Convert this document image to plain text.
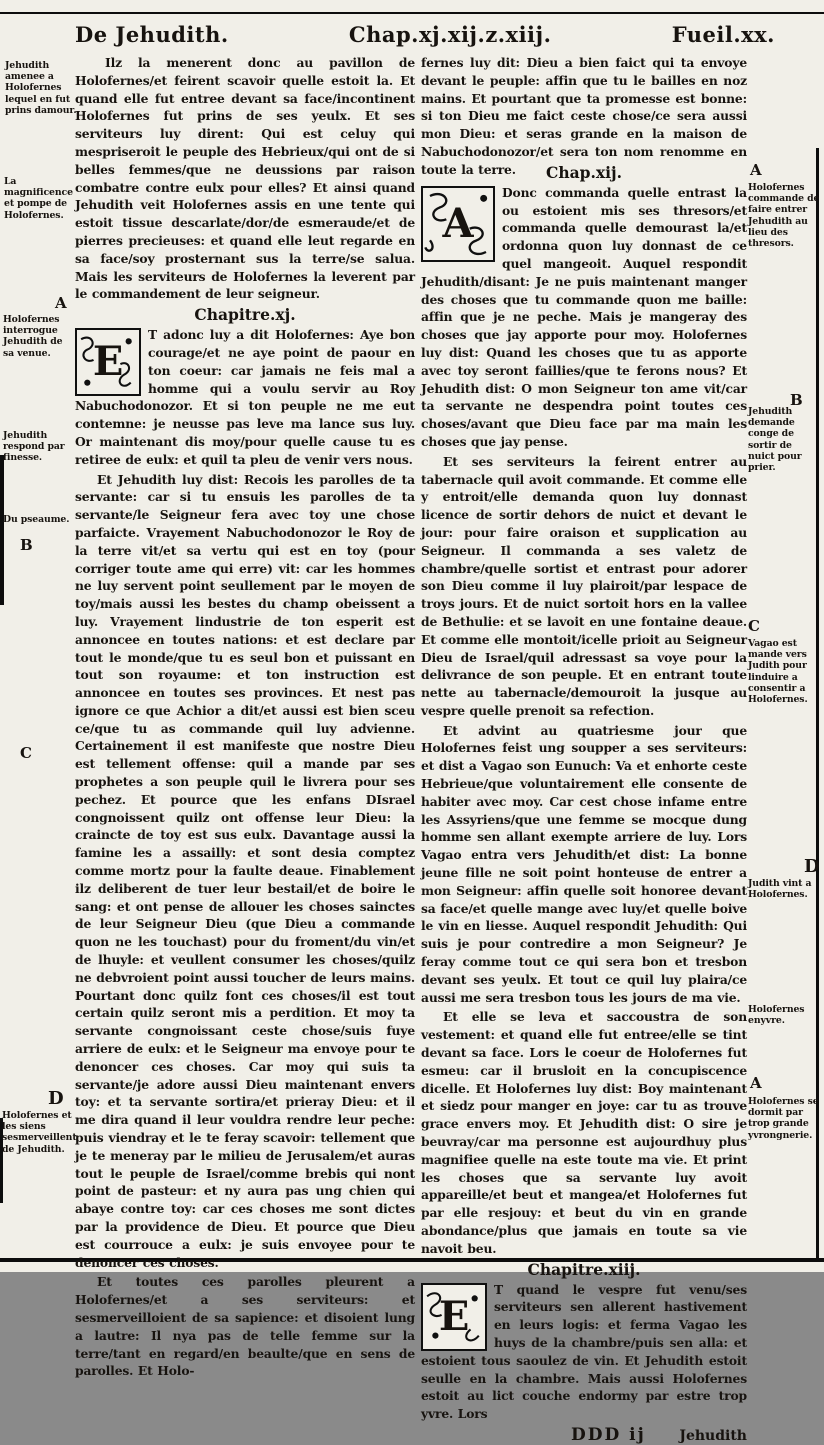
De Jehudith.	Chap.xj.xij.z.xiij.	Fueil.xx.

Ilz la menerent donc au pavillon de Holofernes/et feirent scavoir quelle estoit la. Et quand elle fut entree devant sa face/incontinent Holofernes fut prins de ses yeulx. Et ses serviteurs luy dirent: Qui est celuy qui mespriseroit le peuple des Hebrieux/qui ont de si belles femmes/que ne deussions par raison combatre contre eulx pour elles? Et ainsi quand Jehudith veit Holofernes assis en une tente qui estoit tissue descarlate/dor/de esmeraude/et de pierres precieuses: et quand elle leut regarde en sa face/soy prosternant sus la terre/se salua. Mais les serviteurs de Holofernes la leverent par le commandement de leur seigneur.

Chapitre.xj.

E
T adonc luy a dit Holofernes: Aye bon courage/et ne aye point de paour en ton coeur: car jamais ne feis mal a homme qui a voulu servir au Roy Nabuchodonozor. Et si ton peuple ne me eut contemne: je neusse pas leve ma lance sus luy. Or maintenant dis moy/pour quelle cause tu es retiree de eulx: et quil ta pleu de venir vers nous.

Et Jehudith luy dist: Recois les parolles de ta servante: car si tu ensuis les parolles de ta servante/le Seigneur fera avec toy une chose parfaicte. Vrayement Nabuchodonozor le Roy de la terre vit/et sa vertu qui est en toy (pour corriger toute ame qui erre) vit: car les hommes ne luy servent point seullement par le moyen de toy/mais aussi les bestes du champ obeissent a luy. Vrayement lindustrie de ton esperit est annoncee en toutes nations: et est declare par tout le monde/que tu es seul bon et puissant en tout son royaume: et ton instruction est annoncee en toutes ses provinces. Et nest pas ignore ce que Achior a dit/et aussi est bien sceu ce/que tu as commande quil luy advienne. Certainement il est manifeste que nostre Dieu est tellement offense: quil a mande par ses prophetes a son peuple quil le livrera pour ses pechez. Et pource que les enfans DIsrael congnoissent quilz ont offense leur Dieu: la craincte de toy est sus eulx. Davantage aussi la famine les a assailly: et sont desia comptez comme mortz pour la faulte deaue. Finablement ilz deliberent de tuer leur bestail/et de boire le sang: et ont pense de allouer les choses sainctes de leur Seigneur Dieu (que Dieu a commande quon ne les touchast) pour du froment/du vin/et de lhuyle: et veullent consumer les choses/quilz ne debvroient point aussi toucher de leurs mains. Pourtant donc quilz font ces choses/il est tout certain quilz seront mis a perdition. Et moy ta servante congnoissant ceste chose/suis fuye arriere de eulx: et le Seigneur ma envoye pour te denoncer ces choses. Car moy qui suis ta servante/je adore aussi Dieu maintenant envers toy: et ta servante sortira/et prieray Dieu: et il me dira quand il leur vouldra rendre leur peche: puis viendray et le te feray scavoir: tellement que je te meneray par le milieu de Jerusalem/et auras tout le peuple de Israel/comme brebis qui nont point de pasteur: et ny aura pas ung chien qui abaye contre toy: car ces choses me sont dictes par la providence de Dieu. Et pource que Dieu est courrouce a eulx: je suis envoyee pour te denoncer ces choses.

Et toutes ces parolles pleurent a Holofernes/et a ses serviteurs: et sesmerveilloient de sa sapience: et disoient lung a lautre: Il nya pas de telle femme sur la terre/tant en regard/en beaulte/que en sens de parolles. Et Holo-

fernes luy dit: Dieu a bien faict qui ta envoye devant le peuple: affin que tu le bailles en noz mains. Et pourtant que ta promesse est bonne: si ton Dieu me faict ceste chose/ce sera aussi mon Dieu: et seras grande en la maison de Nabuchodonozor/et sera ton nom renomme en toute la terre.	Chap.xij.

A
Donc commanda quelle entrast la ou estoient mis ses thresors/et commanda quelle demourast la/et ordonna quon luy donnast de ce quel mangeoit. Auquel respondit Jehudith/disant: Je ne puis maintenant manger des choses que tu commande quon me baille: affin que je ne peche. Mais je mangeray des choses que jay apporte pour moy. Holofernes luy dist: Quand les choses que tu as apporte avec toy seront faillies/que te ferons nous? Et Jehudith dist: O mon Seigneur ton ame vit/car ta servante ne despendra point toutes ces choses/avant que Dieu face par ma main les choses que jay pense.

Et ses serviteurs la feirent entrer au tabernacle quil avoit commande. Et comme elle y entroit/elle demanda quon luy donnast licence de sortir dehors de nuict et devant le jour: pour faire oraison et supplication au Seigneur. Il commanda a ses valetz de chambre/quelle sortist et entrast pour adorer son Dieu comme il luy plairoit/par lespace de troys jours. Et de nuict sortoit hors en la vallee de Bethulie: et se lavoit en une fontaine deaue. Et comme elle montoit/icelle prioit au Seigneur Dieu de Israel/quil adressast sa voye pour la delivrance de son peuple. Et en entrant toute nette au tabernacle/demouroit la jusque au vespre quelle prenoit sa refection.

Et advint au quatriesme jour que Holofernes feist ung soupper a ses serviteurs: et dist a Vagao son Eunuch: Va et enhorte ceste Hebrieue/que voluntairement elle consente de habiter avec moy. Car cest chose infame entre les Assyriens/que une femme se mocque dung homme sen allant exempte arriere de luy. Lors Vagao entra vers Jehudith/et dist: La bonne jeune fille ne soit point honteuse de entrer a mon Seigneur: affin quelle soit honoree devant sa face/et quelle mange avec luy/et quelle boive le vin en liesse. Auquel respondit Jehudith: Qui suis je pour contredire a mon Seigneur? Je feray comme tout ce qui sera bon et tresbon devant ses yeulx. Et tout ce quil luy plaira/ce aussi me sera tresbon tous les jours de ma vie.

Et elle se leva et saccoustra de son vestement: et quand elle fut entree/elle se tint devant sa face. Lors le coeur de Holofernes fut esmeu: car il brusloit en la concupiscence dicelle. Et Holofernes luy dist: Boy maintenant et siedz pour manger en joye: car tu as trouve grace envers moy. Et Jehudith dist: O sire je beuvray/car ma personne est aujourdhuy plus magnifiee quelle na este toute ma vie. Et print les choses que sa servante luy avoit appareille/et beut et mangea/et Holofernes fut par elle resjouy: et beut du vin en grande abondance/plus que jamais en toute sa vie navoit beu.

Chapitre.xiij.

E
T quand le vespre fut venu/ses serviteurs sen allerent hastivement en leurs logis: et ferma Vagao les huys de la chambre/puis sen alla: et estoient tous saoulez de vin. Et Jehudith estoit seulle en la chambre. Mais aussi Holofernes estoit au lict couche endormy par estre trop yvre. Lors

DDD ij Jehudith
Jehudith amenee a Holofernes lequel en fut prins damour.
La magnificence et pompe de Holofernes.
A
Holofernes interrogue Jehudith de sa venue.
Jehudith respond par finesse.
Du pseaume.
B
C
D
Holofernes et les siens sesmerveillent de Jehudith.
A
Holofernes commande de faire entrer Jehudith au lieu des thresors.
B
Jehudith demande conge de sortir de nuict pour prier.
C
Vagao est mande vers Judith pour linduire a consentir a Holofernes.
D
Judith vint a Holofernes.
Holofernes enyvre.
A
Holofernes se dormit par trop grande yvrongnerie.
